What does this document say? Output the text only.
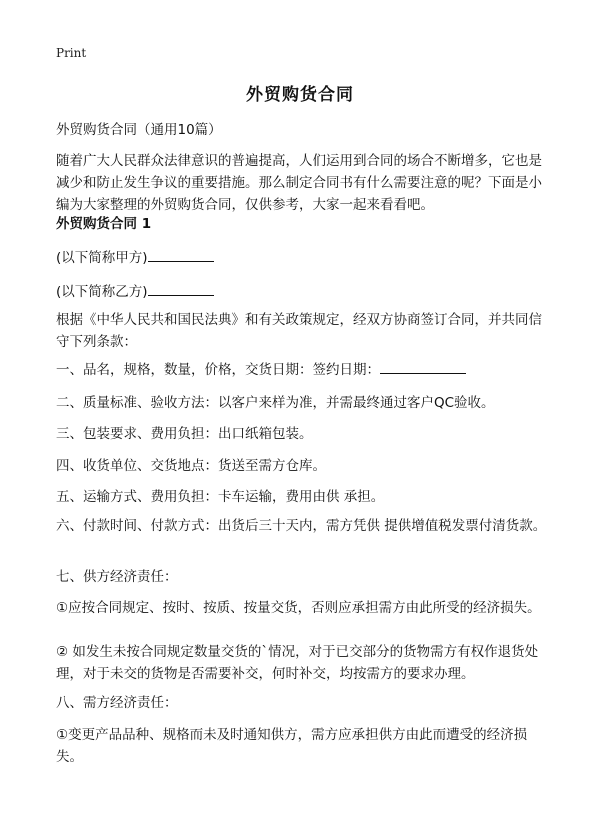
Print
外贸购货合同

外贸购货合同（通用10篇）

随着广大人民群众法律意识的普遍提高，人们运用到合同的场合不断增多，它也是减少和防止发生争议的重要措施。那么制定合同书有什么需要注意的呢？下面是小编为大家整理的外贸购货合同，仅供参考，大家一起来看看吧。

外贸购货合同 1

(以下简称甲方)

(以下简称乙方)

根据《中华人民共和国民法典》和有关政策规定，经双方协商签订合同，并共同信守下列条款：

一、品名，规格，数量，价格，交货日期：签约日期：

二、质量标准、验收方法：以客户来样为准，并需最终通过客户QC验收。

三、包装要求、费用负担：出口纸箱包装。

四、收货单位、交货地点：货送至需方仓库。

五、运输方式、费用负担：卡车运输，费用由供 承担。

六、付款时间、付款方式：出货后三十天内，需方凭供 提供增值税发票付清货款。

七、供方经济责任：

①应按合同规定、按时、按质、按量交货，否则应承担需方由此所受的经济损失。

② 如发生未按合同规定数量交货的`情况，对于已交部分的货物需方有权作退货处理，对于未交的货物是否需要补交，何时补交，均按需方的要求办理。

八、需方经济责任：

①变更产品品种、规格而未及时通知供方，需方应承担供方由此而遭受的经济损失。
